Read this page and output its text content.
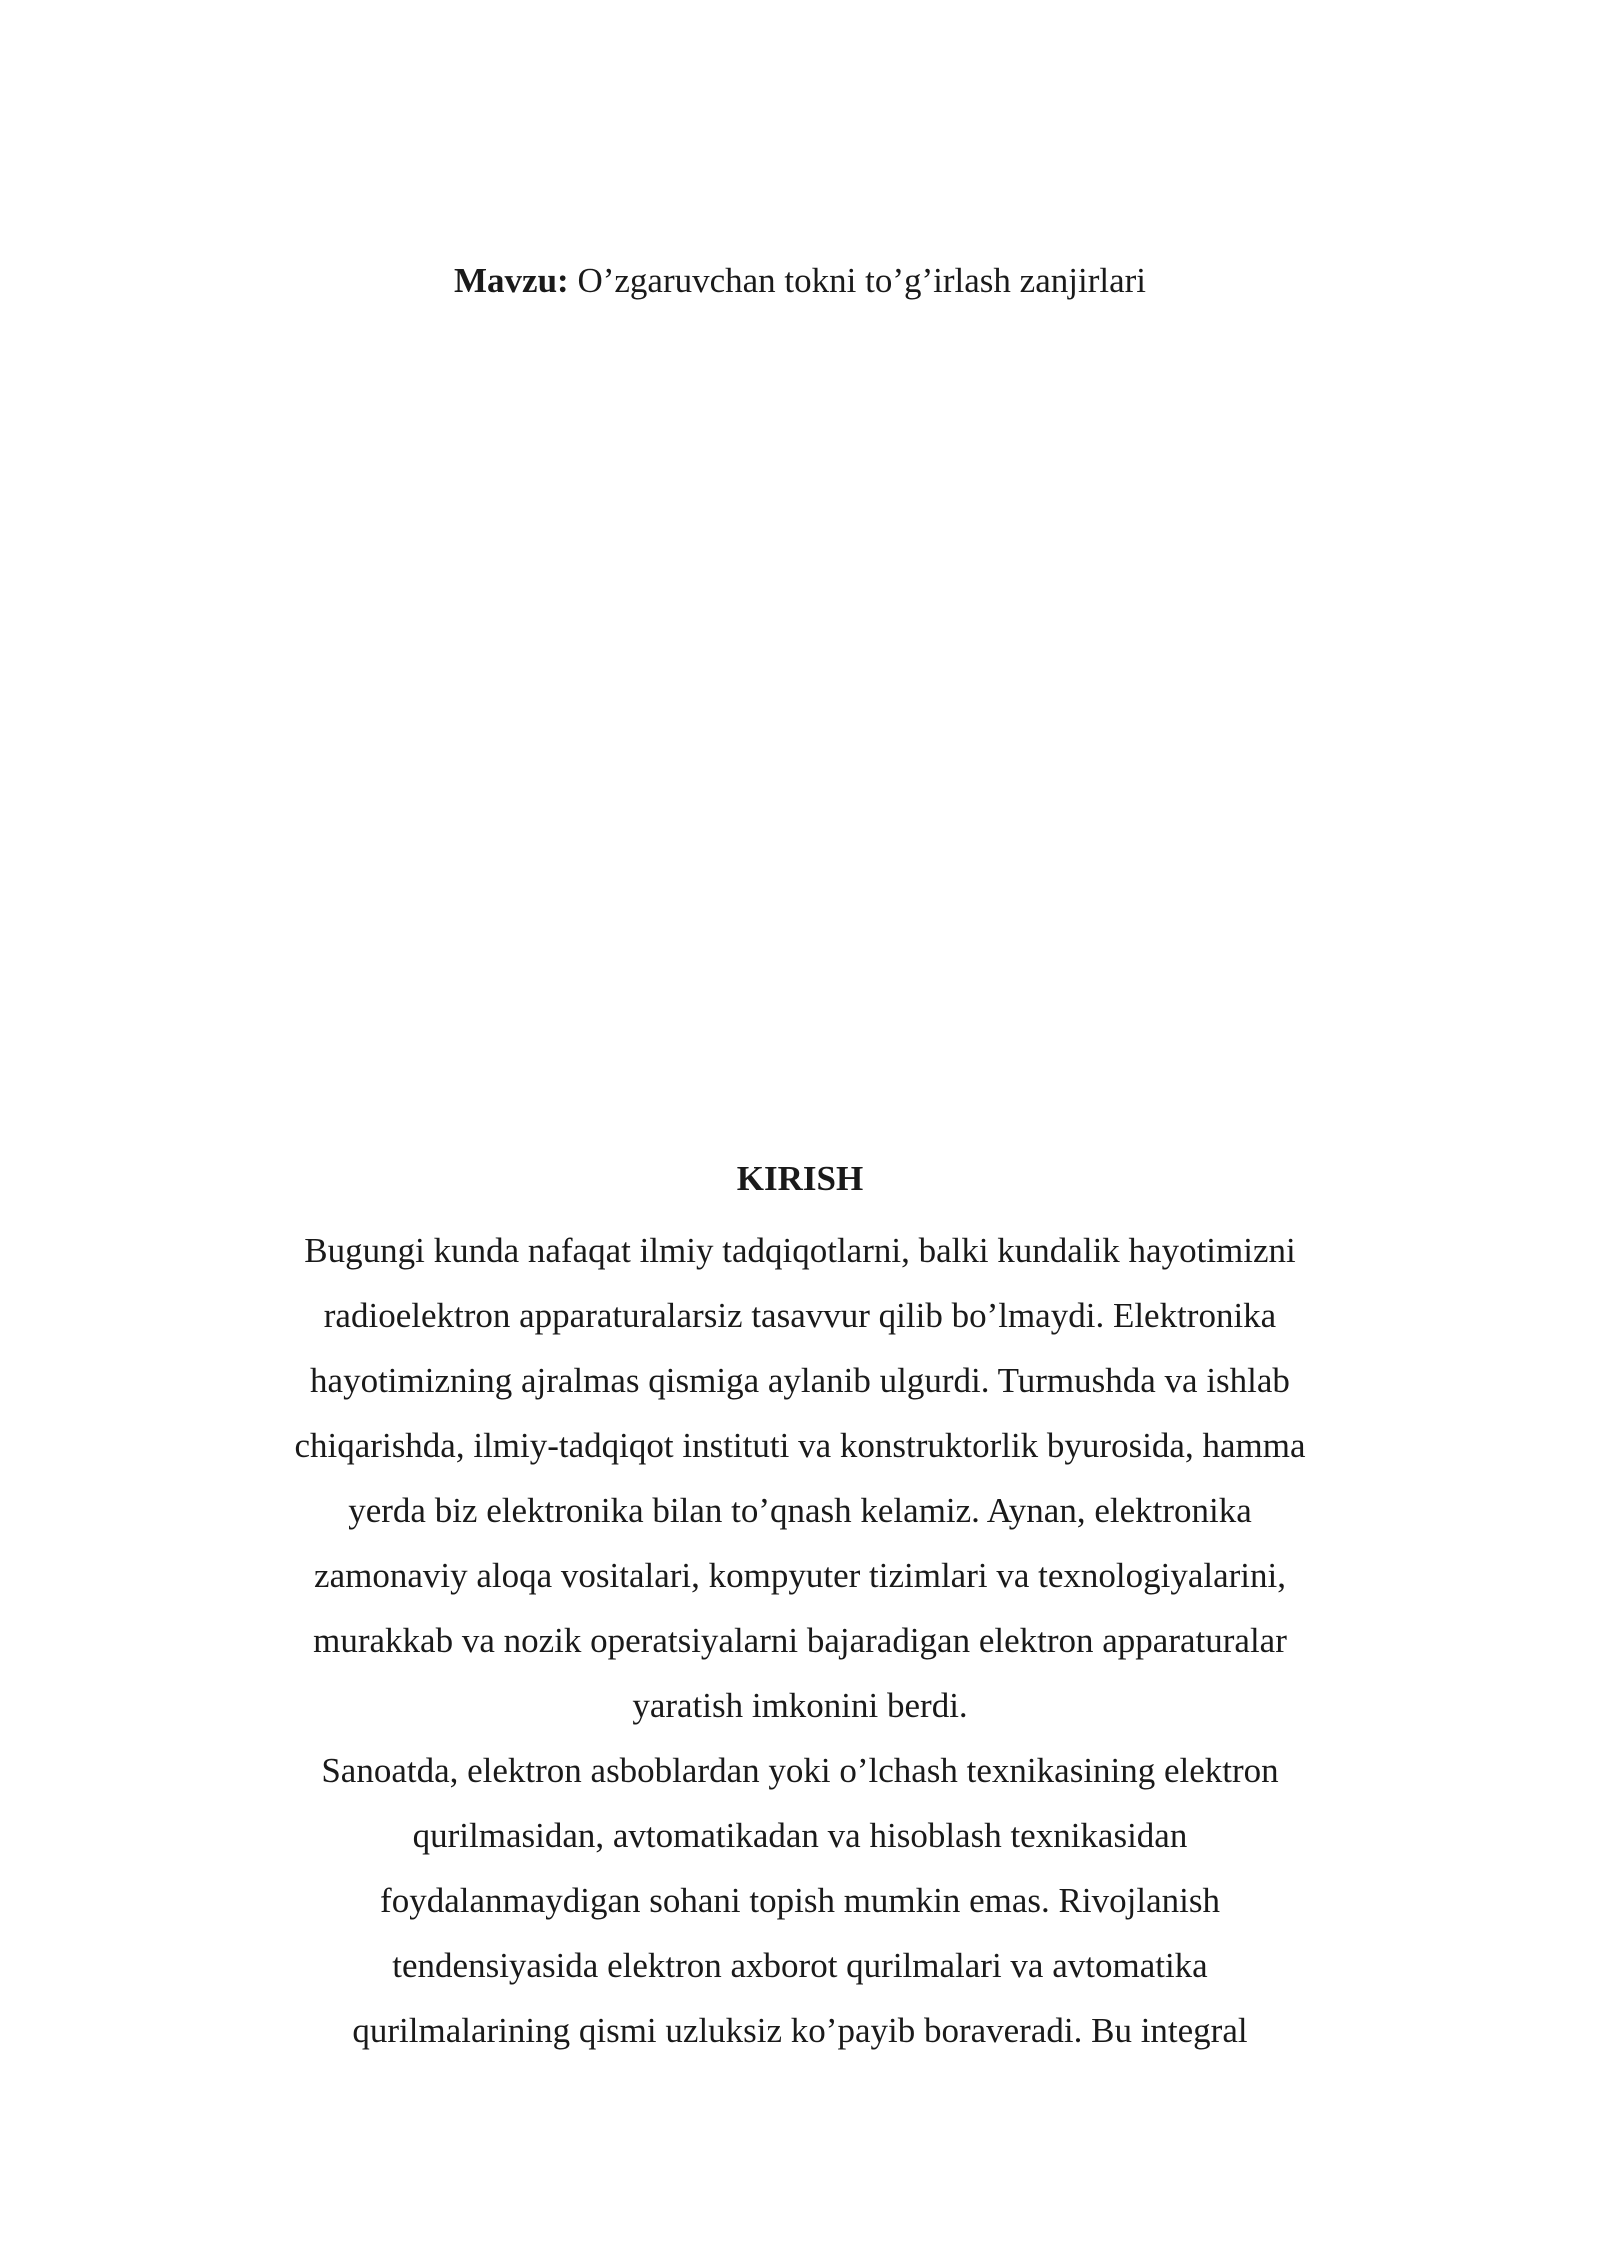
Mavzu: O’zgaruvchan tokni to’g’irlash zanjirlari
KIRISH

Bugungi kunda nafaqat ilmiy tadqiqotlarni, balki kundalik hayotimizni
radioelektron apparaturalarsiz tasavvur qilib bo’lmaydi. Elektronika
hayotimizning ajralmas qismiga aylanib ulgurdi. Turmushda va ishlab
chiqarishda, ilmiy-tadqiqot instituti va konstruktorlik byurosida, hamma
yerda biz elektronika bilan to’qnash kelamiz. Aynan, elektronika
zamonaviy aloqa vositalari, kompyuter tizimlari va texnologiyalarini,
murakkab va nozik operatsiyalarni bajaradigan elektron apparaturalar
yaratish imkonini berdi.

Sanoatda, elektron asboblardan yoki o’lchash texnikasining elektron
qurilmasidan, avtomatikadan va hisoblash texnikasidan
foydalanmaydigan sohani topish mumkin emas. Rivojlanish
tendensiyasida elektron axborot qurilmalari va avtomatika
qurilmalarining qismi uzluksiz ko’payib boraveradi. Bu integral
